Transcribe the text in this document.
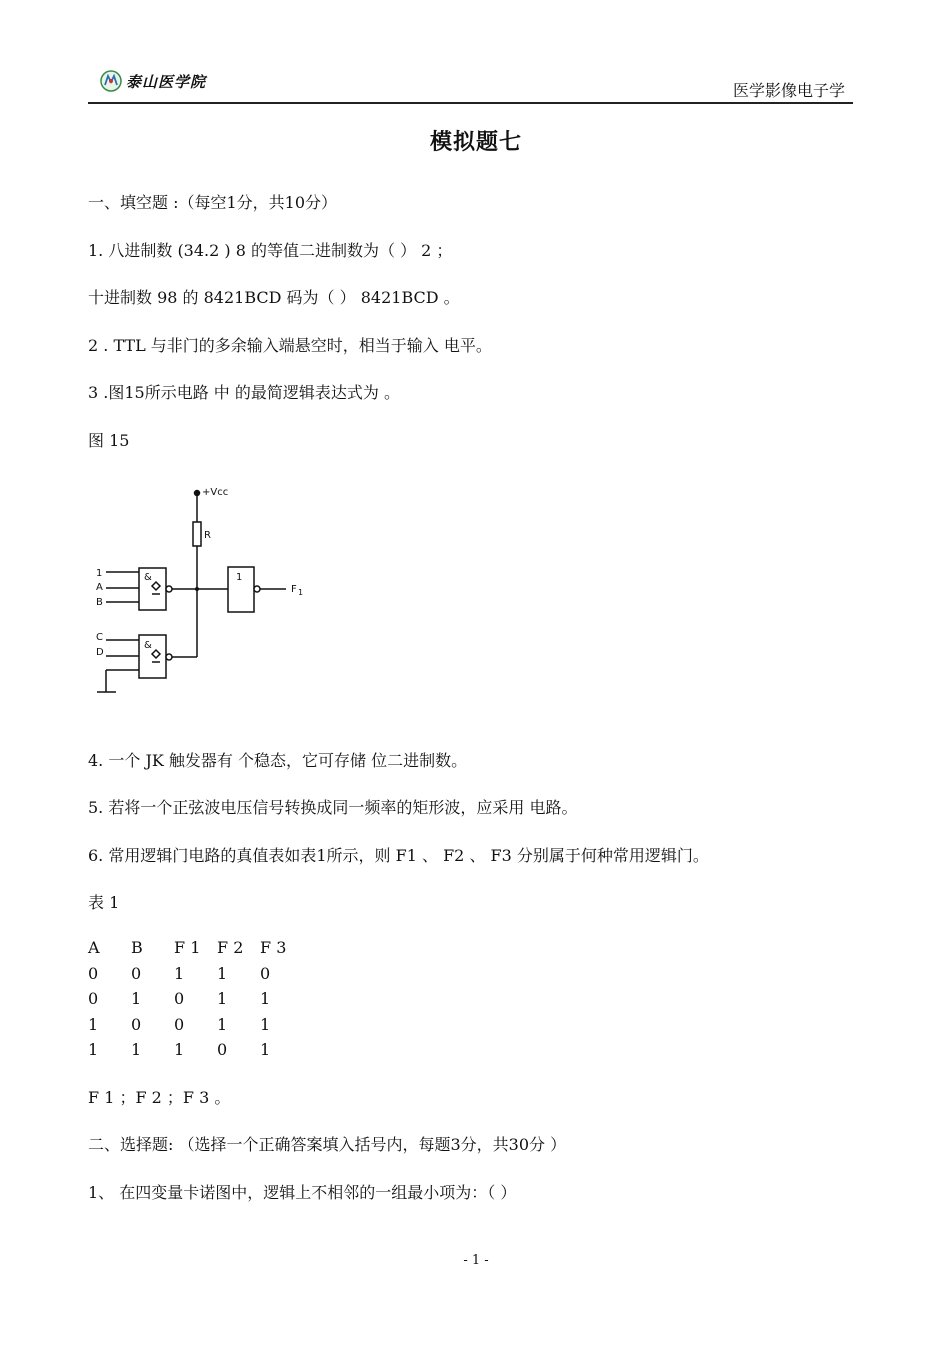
泰山医学院	医学影像电子学
模拟题七
一、填空题 :（每空1分，共10分）
1. 八进制数 (34.2 ) 8 的等值二进制数为（ ） 2 ；
十进制数 98 的 8421BCD 码为（ ） 8421BCD 。
2 . TTL 与非门的多余输入端悬空时，相当于输入 电平。
3 .图15所示电路 中 的最简逻辑表达式为 。
图 15
+Vcc
R
1
A
B
C
D
&
&
1
F 1
4. 一个 JK 触发器有 个稳态，它可存储 位二进制数。
5. 若将一个正弦波电压信号转换成同一频率的矩形波，应采用 电路。
6. 常用逻辑门电路的真值表如表1所示，则 F1 、 F2 、 F3 分别属于何种常用逻辑门。
表 1
A	B	F 1	F 2	F 3
0	0	1	1	0
0	1	0	1	1
1	0	0	1	1
1	1	1	0	1
F 1 ；F 2 ；F 3 。
二、选择题: （选择一个正确答案填入括号内，每题3分，共30分 ）
1、 在四变量卡诺图中，逻辑上不相邻的一组最小项为：（ ）
- 1 -
